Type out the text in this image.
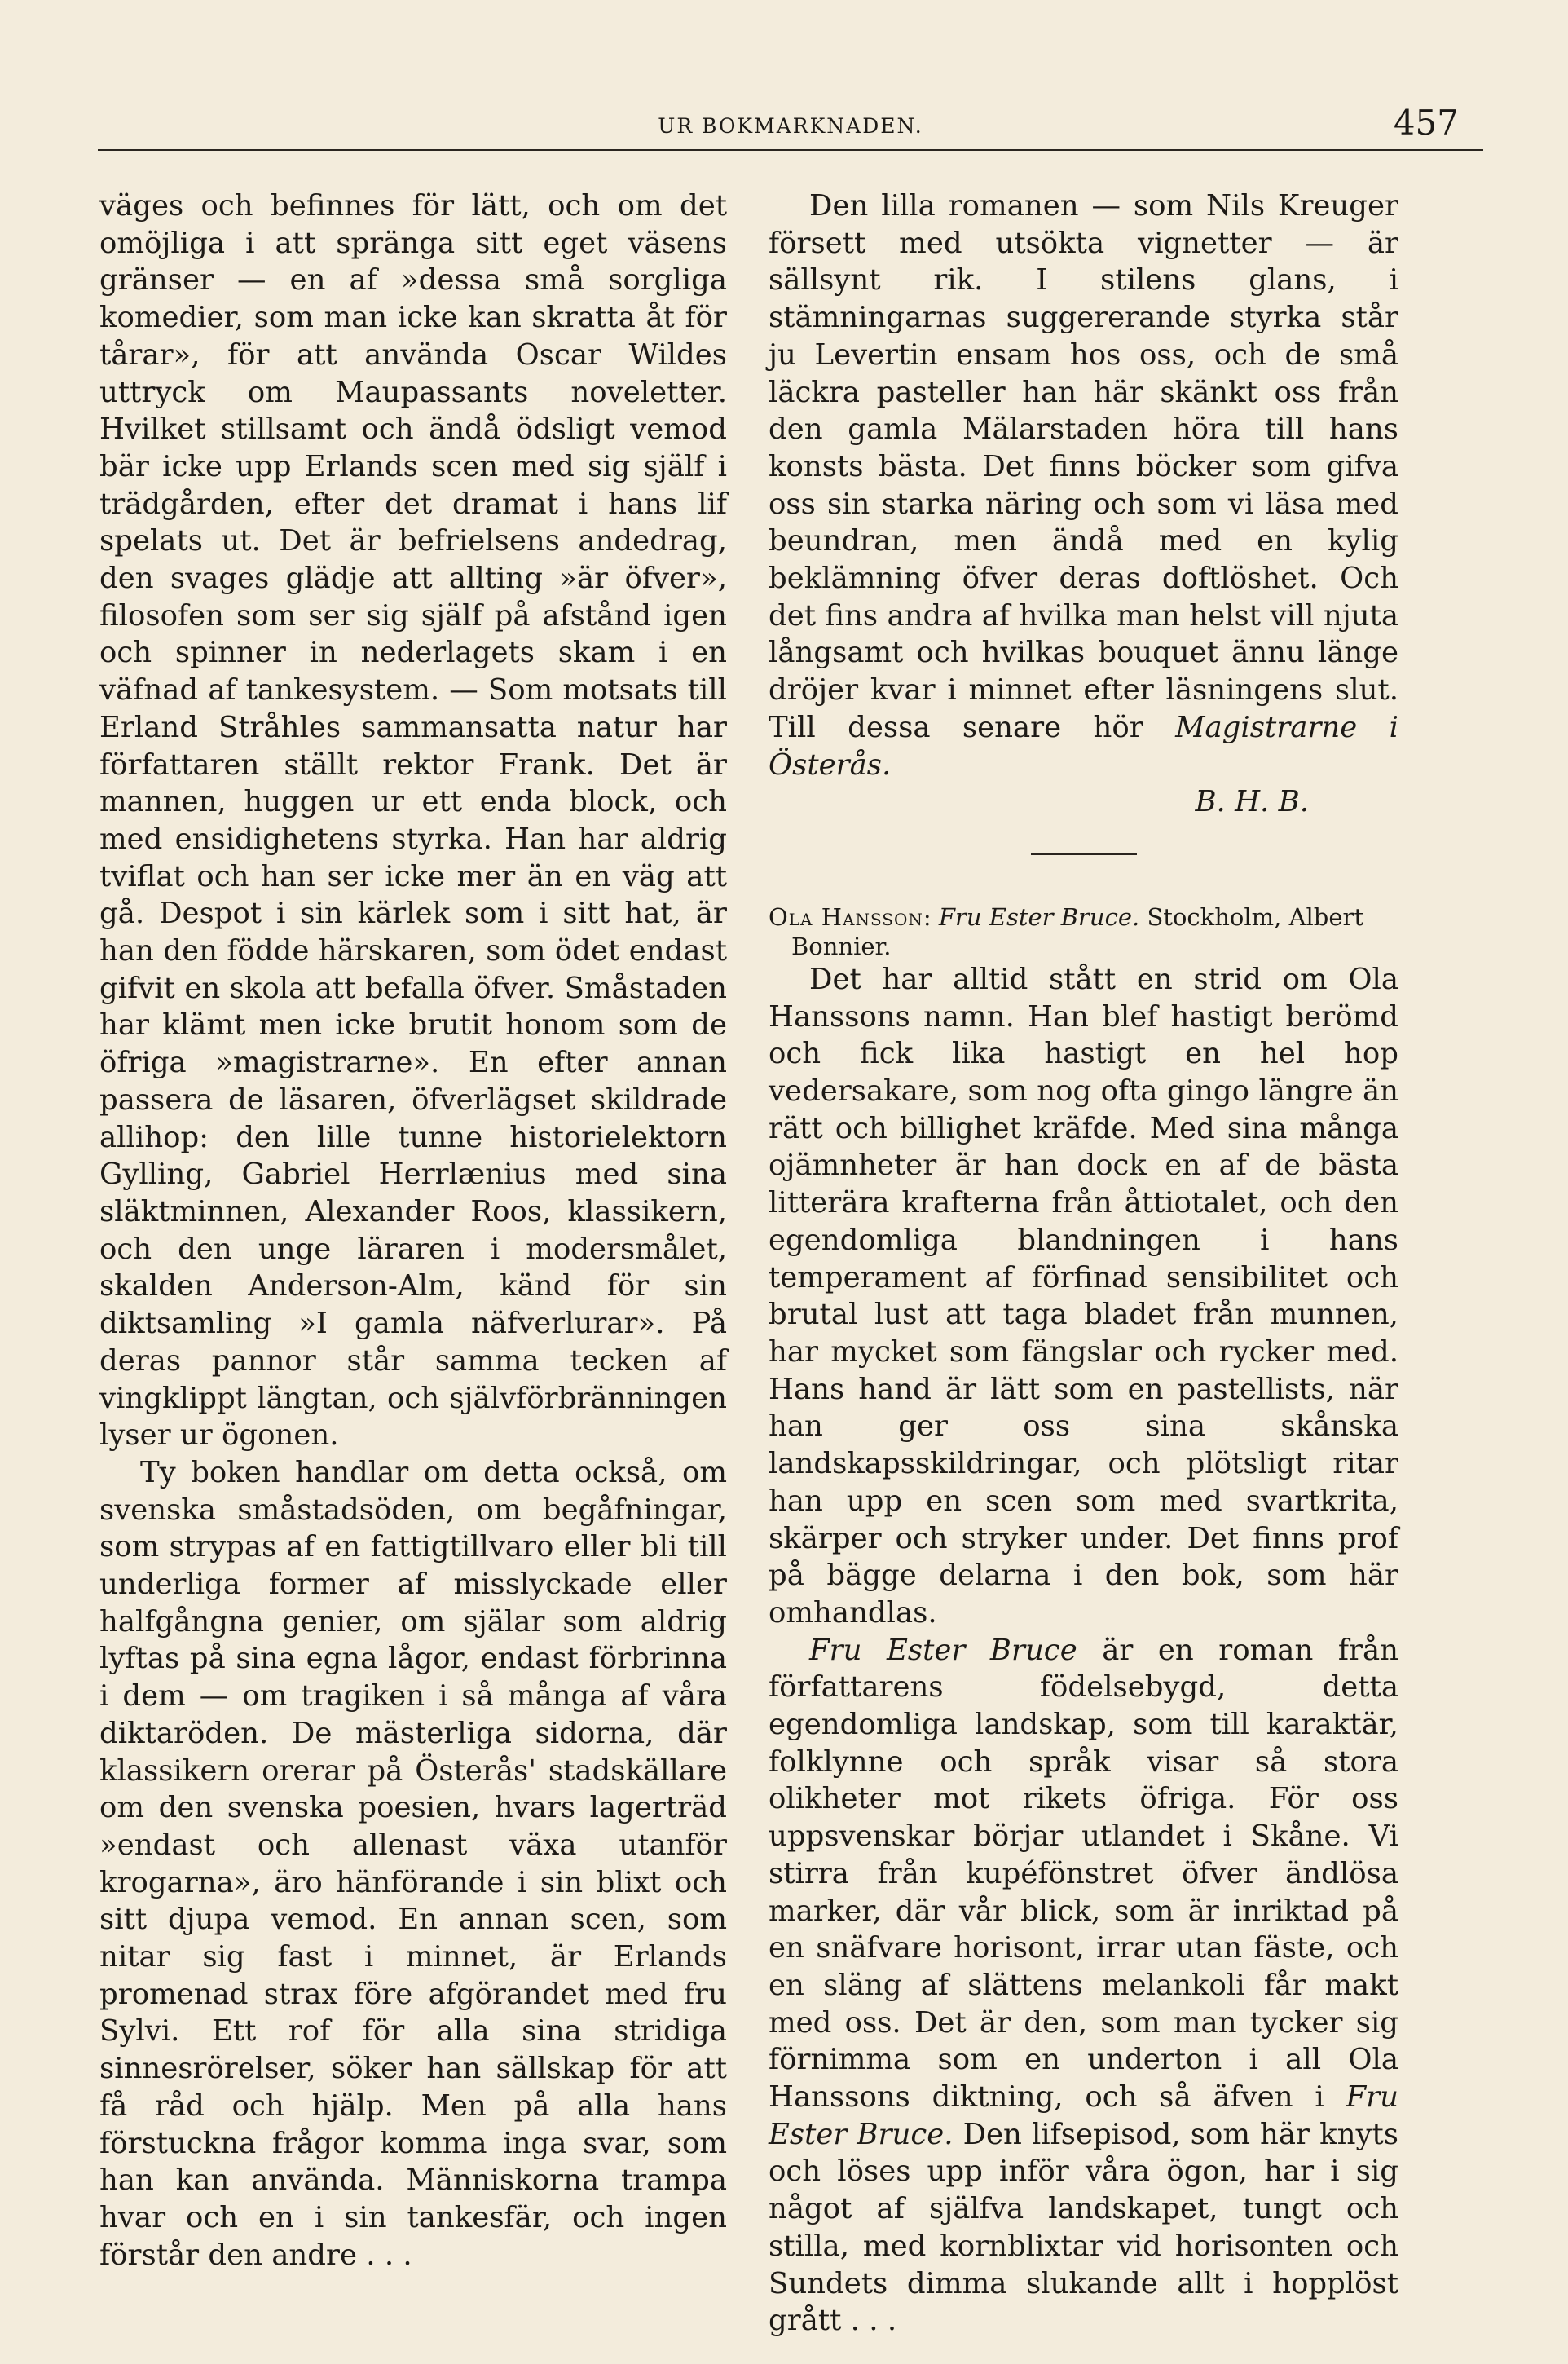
UR BOKMARKNADEN.	457

väges och befinnes för lätt, och om det omöjliga i att spränga sitt eget väsens gränser — en af »dessa små sorgliga komedier, som man icke kan skratta åt för tårar», för att använda Oscar Wildes uttryck om Maupassants noveletter. Hvilket stillsamt och ändå ödsligt vemod bär icke upp Erlands scen med sig själf i trädgården, efter det dramat i hans lif spelats ut. Det är befrielsens andedrag, den svages glädje att allting »är öfver», filosofen som ser sig själf på afstånd igen och spinner in nederlagets skam i en väfnad af tankesystem. — Som motsats till Erland Stråhles sammansatta natur har författaren ställt rektor Frank. Det är mannen, huggen ur ett enda block, och med ensidighetens styrka. Han har aldrig tviflat och han ser icke mer än en väg att gå. Despot i sin kärlek som i sitt hat, är han den födde härskaren, som ödet endast gifvit en skola att befalla öfver. Småstaden har klämt men icke brutit honom som de öfriga »magistrarne». En efter annan passera de läsaren, öfverlägset skildrade allihop: den lille tunne historielektorn Gylling, Gabriel Herrlænius med sina släktminnen, Alexander Roos, klassikern, och den unge läraren i modersmålet, skalden Anderson-Alm, känd för sin diktsamling »I gamla näfverlurar». På deras pannor står samma tecken af vingklippt längtan, och självförbränningen lyser ur ögonen.

Ty boken handlar om detta också, om svenska småstadsöden, om begåfningar, som strypas af en fattigtillvaro eller bli till underliga former af misslyckade eller halfgångna genier, om själar som aldrig lyftas på sina egna lågor, endast förbrinna i dem — om tragiken i så många af våra diktaröden. De mästerliga sidorna, där klassikern orerar på Österås' stadskällare om den svenska poesien, hvars lagerträd »endast och allenast växa utanför krogarna», äro hänförande i sin blixt och sitt djupa vemod. En annan scen, som nitar sig fast i minnet, är Erlands promenad strax före afgörandet med fru Sylvi. Ett rof för alla sina stridiga sinnesrörelser, söker han sällskap för att få råd och hjälp. Men på alla hans förstuckna frågor komma inga svar, som han kan använda. Människorna trampa hvar och en i sin tankesfär, och ingen förstår den andre . . .

Den lilla romanen — som Nils Kreuger försett med utsökta vignetter — är sällsynt rik. I stilens glans, i stämningarnas suggererande styrka står ju Levertin ensam hos oss, och de små läckra pasteller han här skänkt oss från den gamla Mälarstaden höra till hans konsts bästa. Det finns böcker som gifva oss sin starka näring och som vi läsa med beundran, men ändå med en kylig beklämning öfver deras doftlöshet. Och det fins andra af hvilka man helst vill njuta långsamt och hvilkas bouquet ännu länge dröjer kvar i minnet efter läsningens slut. Till dessa senare hör Magistrarne i Österås.

B. H. B.

Ola Hansson: Fru Ester Bruce. Stockholm, Albert Bonnier.

Det har alltid stått en strid om Ola Hanssons namn. Han blef hastigt berömd och fick lika hastigt en hel hop vedersakare, som nog ofta gingo längre än rätt och billighet kräfde. Med sina många ojämnheter är han dock en af de bästa litterära krafterna från åttiotalet, och den egendomliga blandningen i hans temperament af förfinad sensibilitet och brutal lust att taga bladet från munnen, har mycket som fängslar och rycker med. Hans hand är lätt som en pastellists, när han ger oss sina skånska landskapsskildringar, och plötsligt ritar han upp en scen som med svartkrita, skärper och stryker under. Det finns prof på bägge delarna i den bok, som här omhandlas.

Fru Ester Bruce är en roman från författarens födelsebygd, detta egendomliga landskap, som till karaktär, folklynne och språk visar så stora olikheter mot rikets öfriga. För oss uppsvenskar börjar utlandet i Skåne. Vi stirra från kupéfönstret öfver ändlösa marker, där vår blick, som är inriktad på en snäfvare horisont, irrar utan fäste, och en släng af slättens melankoli får makt med oss. Det är den, som man tycker sig förnimma som en underton i all Ola Hanssons diktning, och så äfven i Fru Ester Bruce. Den lifsepisod, som här knyts och löses upp inför våra ögon, har i sig något af själfva landskapet, tungt och stilla, med kornblixtar vid horisonten och Sundets dimma slukande allt i hopplöst grått . . .
